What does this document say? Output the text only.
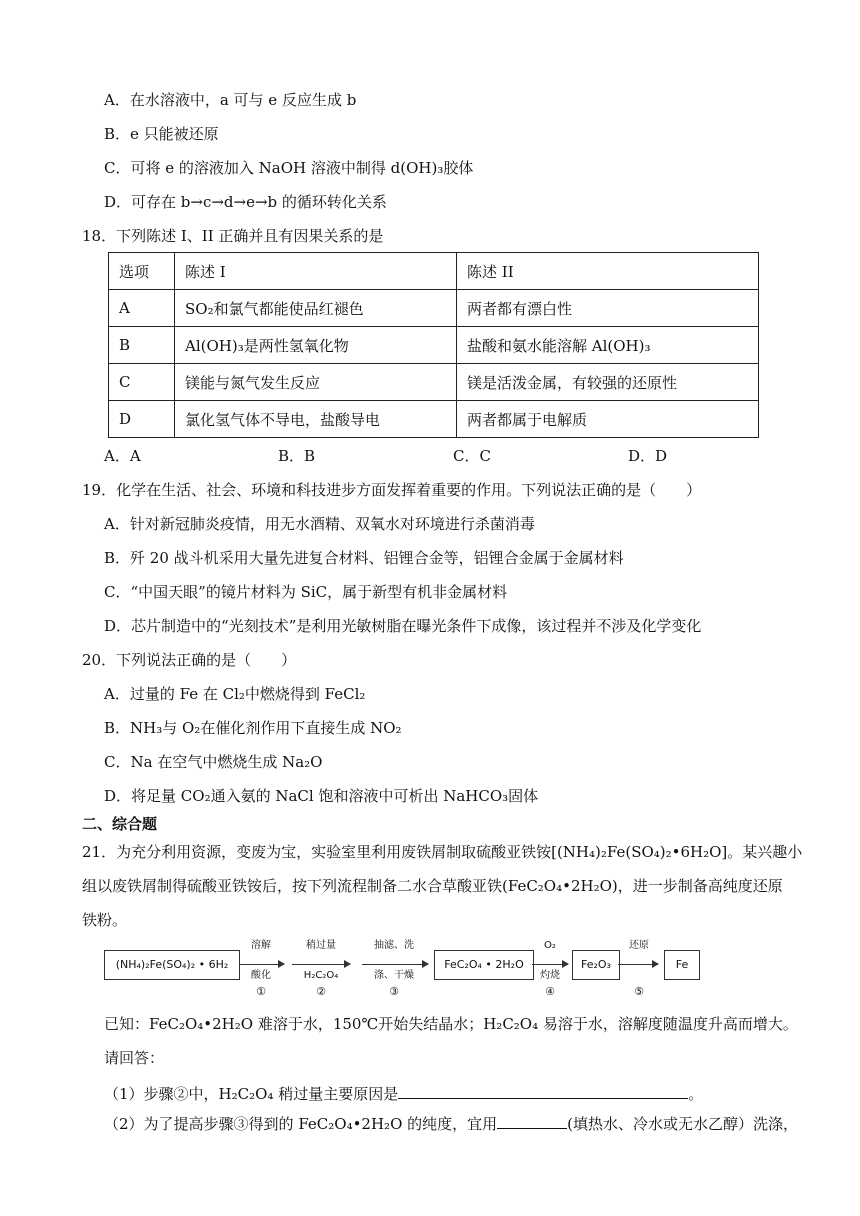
A．在水溶液中，a 可与 e 反应生成 b
B．e 只能被还原
C．可将 e 的溶液加入 NaOH 溶液中制得 d(OH)₃胶体
D．可存在 b→c→d→e→b 的循环转化关系
18．下列陈述 I、II 正确并且有因果关系的是
选项	陈述 I	陈述 II
A	SO₂和氯气都能使品红褪色	两者都有漂白性
B	Al(OH)₃是两性氢氧化物	盐酸和氨水能溶解 Al(OH)₃
C	镁能与氮气发生反应	镁是活泼金属，有较强的还原性
D	氯化氢气体不导电，盐酸导电	两者都属于电解质
A．A	B．B	C．C	D．D
19．化学在生活、社会、环境和科技进步方面发挥着重要的作用。下列说法正确的是（　　）
A．针对新冠肺炎疫情，用无水酒精、双氧水对环境进行杀菌消毒
B．歼 20 战斗机采用大量先进复合材料、铝锂合金等，铝锂合金属于金属材料
C．“中国天眼”的镜片材料为 SiC，属于新型有机非金属材料
D．芯片制造中的“光刻技术”是利用光敏树脂在曝光条件下成像，该过程并不涉及化学变化
20．下列说法正确的是（　　）
A．过量的 Fe 在 Cl₂中燃烧得到 FeCl₂
B．NH₃与 O₂在催化剂作用下直接生成 NO₂
C．Na 在空气中燃烧生成 Na₂O
D．将足量 CO₂通入氨的 NaCl 饱和溶液中可析出 NaHCO₃固体
二、综合题
21．为充分利用资源，变废为宝，实验室里利用废铁屑制取硫酸亚铁铵[(NH₄)₂Fe(SO₄)₂•6H₂O]。某兴趣小
组以废铁屑制得硫酸亚铁铵后，按下列流程制备二水合草酸亚铁(FeC₂O₄•2H₂O)，进一步制备高纯度还原
铁粉。
(NH₄)₂Fe(SO₄)₂ • 6H₂
溶解
酸化
①
稍过量
H₂C₂O₄
②
抽滤、洗
涤、干燥
③
FeC₂O₄ • 2H₂O
O₂
灼烧
④
Fe₂O₃
还原
⑤
Fe
已知：FeC₂O₄•2H₂O 难溶于水，150℃开始失结晶水；H₂C₂O₄ 易溶于水，溶解度随温度升高而增大。
请回答：
（1）步骤②中，H₂C₂O₄ 稍过量主要原因是	。
（2）为了提高步骤③得到的 FeC₂O₄•2H₂O 的纯度，宜用	(填热水、冷水或无水乙醇）洗涤，
